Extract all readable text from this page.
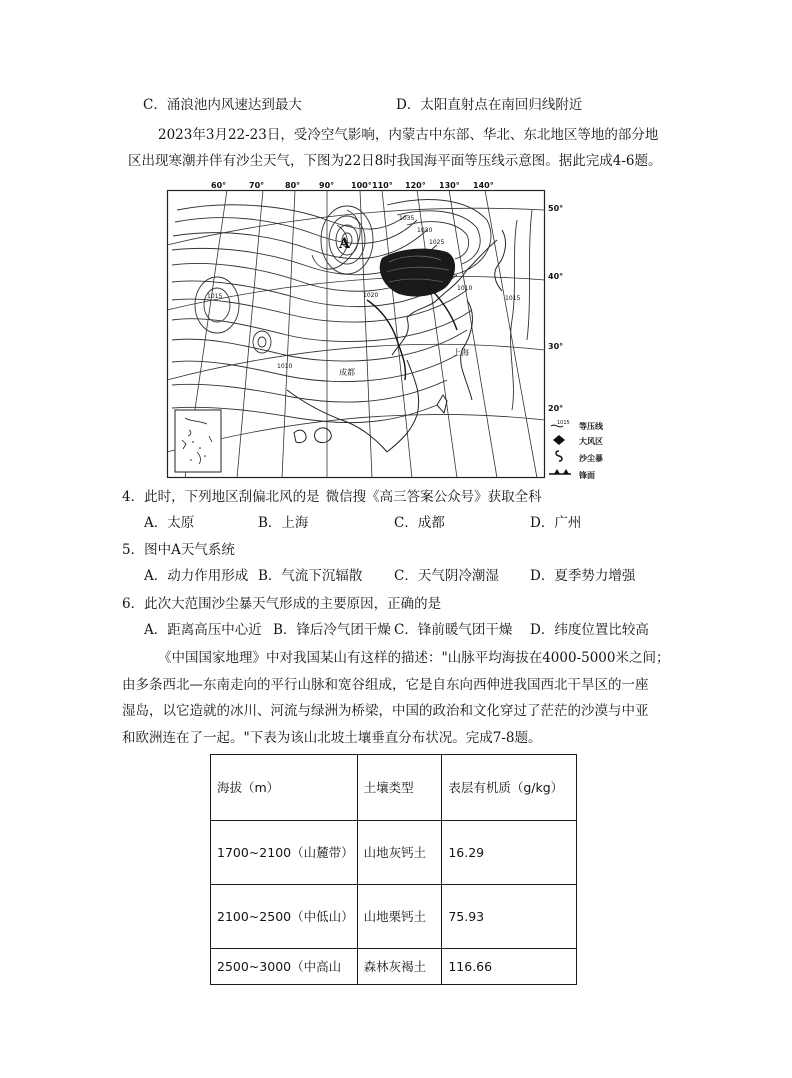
C．涌浪池内风速达到最大	D．太阳直射点在南回归线附近
2023年3月22-23日，受冷空气影响，内蒙古中东部、华北、东北地区等地的部分地
区出现寒潮并伴有沙尘天气，下图为22日8时我国海平面等压线示意图。据此完成4-6题。
60°	70°	80° 90° 100° 110° 120° 130° 140°
1035
1030
1025
1020
1010
1015
1015
1010
A
上海
成都
50°
40°
30°
20°
1015 等压线
大风区
沙尘暴
锋面
4．此时，下列地区刮偏北风的是 微信搜《高三答案公众号》获取全科
A．太原	B．上海	C．成都	D．广州
5．图中A天气系统
A．动力作用形成 B．气流下沉辐散 C．天气阴冷潮湿 D．夏季势力增强
6．此次大范围沙尘暴天气形成的主要原因，正确的是
A．距离高压中心近 B．锋后冷气团干燥 C．锋前暖气团干燥 D．纬度位置比较高
《中国国家地理》中对我国某山有这样的描述："山脉平均海拔在4000-5000米之间；
由多条西北—东南走向的平行山脉和宽谷组成，它是自东向西伸进我国西北干旱区的一座
湿岛，以它造就的冰川、河流与绿洲为桥梁，中国的政治和文化穿过了茫茫的沙漠与中亚
和欧洲连在了一起。"下表为该山北坡土壤垂直分布状况。完成7-8题。
海拔（m）	土壤类型	表层有机质（g/kg）
1700~2100（山麓带）	山地灰钙土	16.29
2100~2500（中低山）	山地栗钙土	75.93
2500~3000（中高山	森林灰褐土	116.66
